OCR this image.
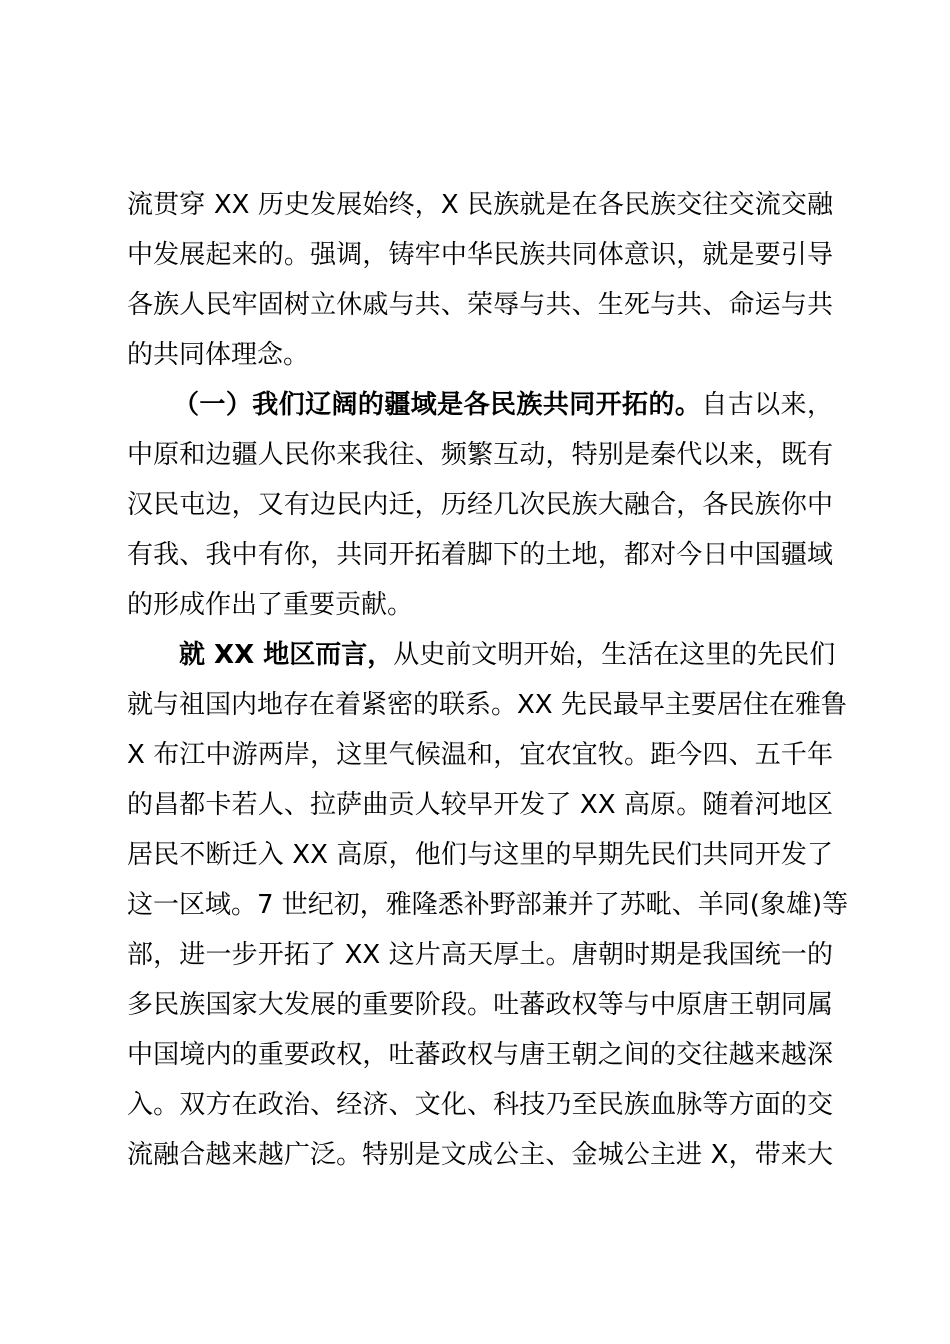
流贯穿 XX 历史发展始终，X 民族就是在各民族交往交流交融
中发展起来的。强调，铸牢中华民族共同体意识，就是要引导
各族人民牢固树立休戚与共、荣辱与共、生死与共、命运与共
的共同体理念。
（一）我们辽阔的疆域是各民族共同开拓的。自古以来，
中原和边疆人民你来我往、频繁互动，特别是秦代以来，既有
汉民屯边，又有边民内迁，历经几次民族大融合，各民族你中
有我、我中有你，共同开拓着脚下的土地，都对今日中国疆域
的形成作出了重要贡献。
就 XX 地区而言，从史前文明开始，生活在这里的先民们
就与祖国内地存在着紧密的联系。XX 先民最早主要居住在雅鲁
X 布江中游两岸，这里气候温和，宜农宜牧。距今四、五千年
的昌都卡若人、拉萨曲贡人较早开发了 XX 高原。随着河地区
居民不断迁入 XX 高原，他们与这里的早期先民们共同开发了
这一区域。7 世纪初，雅隆悉补野部兼并了苏毗、羊同(象雄)等
部，进一步开拓了 XX 这片高天厚土。唐朝时期是我国统一的
多民族国家大发展的重要阶段。吐蕃政权等与中原唐王朝同属
中国境内的重要政权，吐蕃政权与唐王朝之间的交往越来越深
入。双方在政治、经济、文化、科技乃至民族血脉等方面的交
流融合越来越广泛。特别是文成公主、金城公主进 X，带来大
